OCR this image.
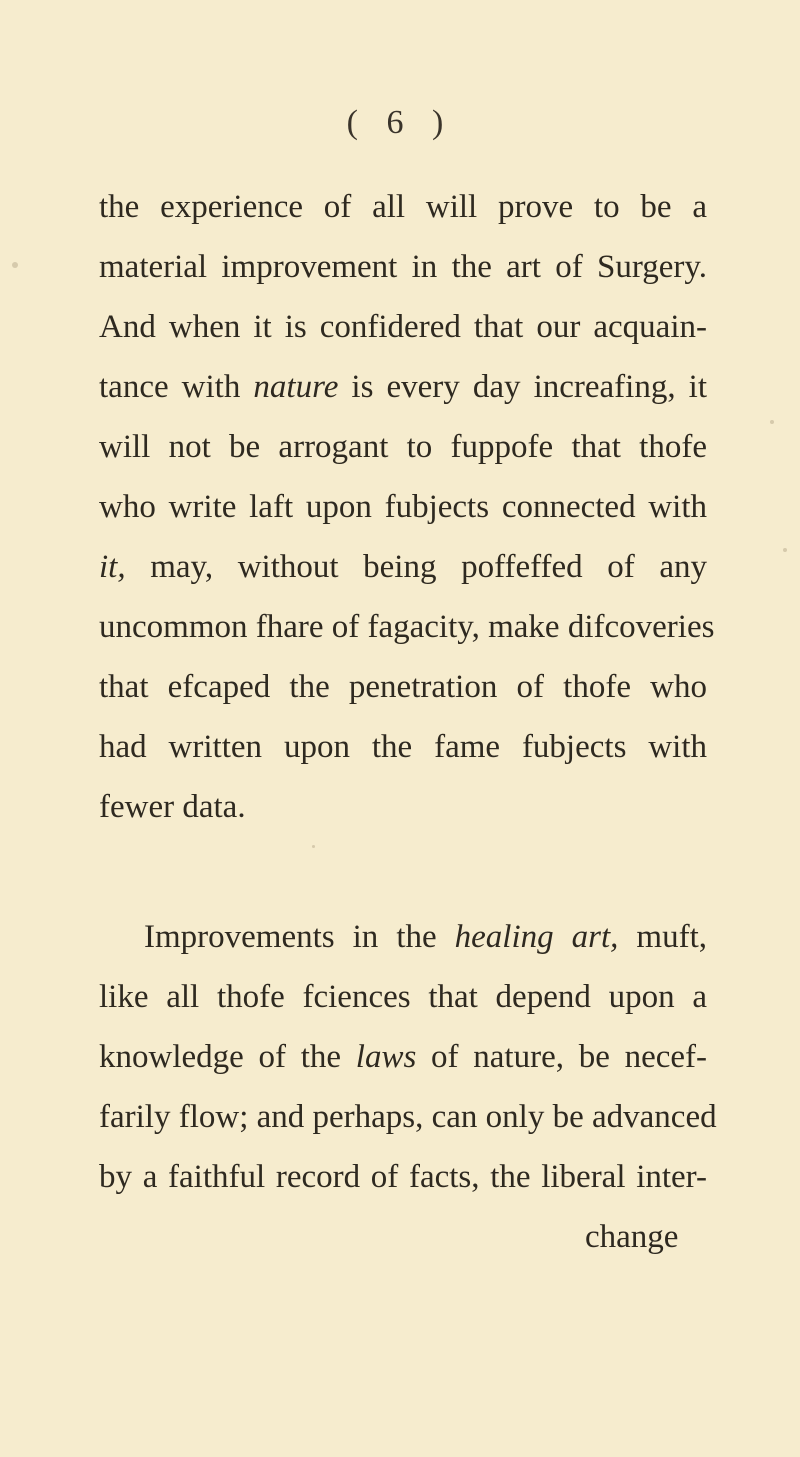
( 6 )
the experience of all will prove to be a
material improvement in the art of Surgery.
And when it is confidered that our acquain-
tance with nature is every day increafing, it
will not be arrogant to fuppofe that thofe
who write laft upon fubjects connected with
it, may, without being poffeffed of any
uncommon fhare of fagacity, make difcoveries
that efcaped the penetration of thofe who
had written upon the fame fubjects with
fewer data.
Improvements in the healing art, muft,
like all thofe fciences that depend upon a
knowledge of the laws of nature, be necef-
farily flow; and perhaps, can only be advanced
by a faithful record of facts, the liberal inter-
change
